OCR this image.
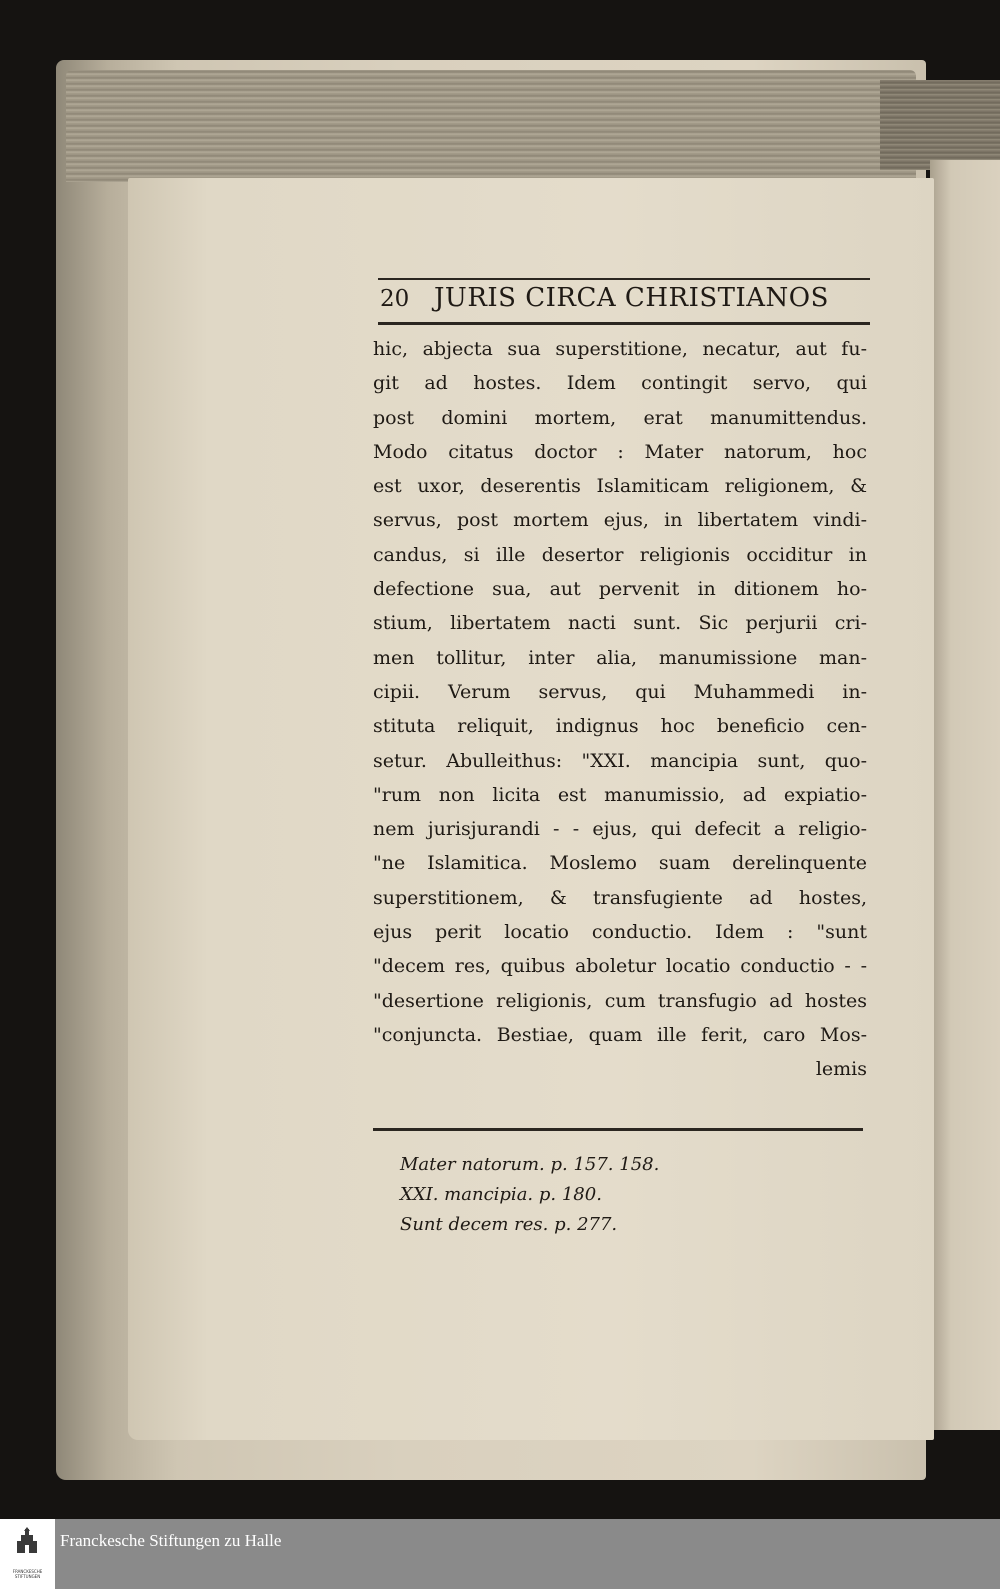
20 JURIS CIRCA CHRISTIANOS
hic, abjecta sua superstitione, necatur, aut fu-
git ad hostes. Idem contingit servo, qui
post domini mortem, erat manumittendus.
Modo citatus doctor : Mater natorum, hoc
est uxor, deserentis Islamiticam religionem, &
servus, post mortem ejus, in libertatem vindi-
candus, si ille desertor religionis occiditur in
defectione sua, aut pervenit in ditionem ho-
stium, libertatem nacti sunt. Sic perjurii cri-
men tollitur, inter alia, manumissione man-
cipii. Verum servus, qui Muhammedi in-
stituta reliquit, indignus hoc beneficio cen-
setur. Abulleithus: "XXI. mancipia sunt, quo-
"rum non licita est manumissio, ad expiatio-
nem jurisjurandi - - ejus, qui defecit a religio-
"ne Islamitica. Moslemo suam derelinquente
superstitionem, & transfugiente ad hostes,
ejus perit locatio conductio. Idem : "sunt
"decem res, quibus aboletur locatio conductio - -
"desertione religionis, cum transfugio ad hostes
"conjuncta. Bestiae, quam ille ferit, caro Mos-
lemis
Mater natorum. p. 157. 158.
XXI. mancipia. p. 180.
Sunt decem res. p. 277.
FRANCKESCHE STIFTUNGEN
Franckesche Stiftungen zu Halle
